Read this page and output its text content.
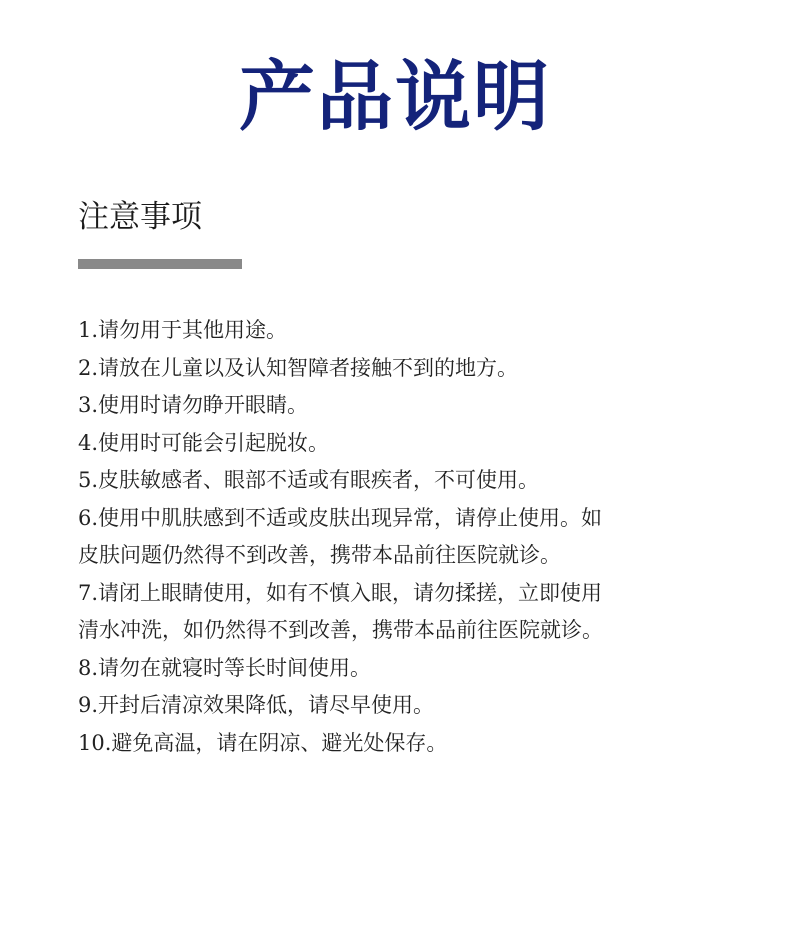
产品说明
注意事项
1.请勿用于其他用途。
2.请放在儿童以及认知智障者接触不到的地方。
3.使用时请勿睁开眼睛。
4.使用时可能会引起脱妆。
5.皮肤敏感者、眼部不适或有眼疾者，不可使用。
6.使用中肌肤感到不适或皮肤出现异常，请停止使用。如
皮肤问题仍然得不到改善，携带本品前往医院就诊。
7.请闭上眼睛使用，如有不慎入眼，请勿揉搓，立即使用
清水冲洗，如仍然得不到改善，携带本品前往医院就诊。
8.请勿在就寝时等长时间使用。
9.开封后清凉效果降低，请尽早使用。
10.避免高温，请在阴凉、避光处保存。
